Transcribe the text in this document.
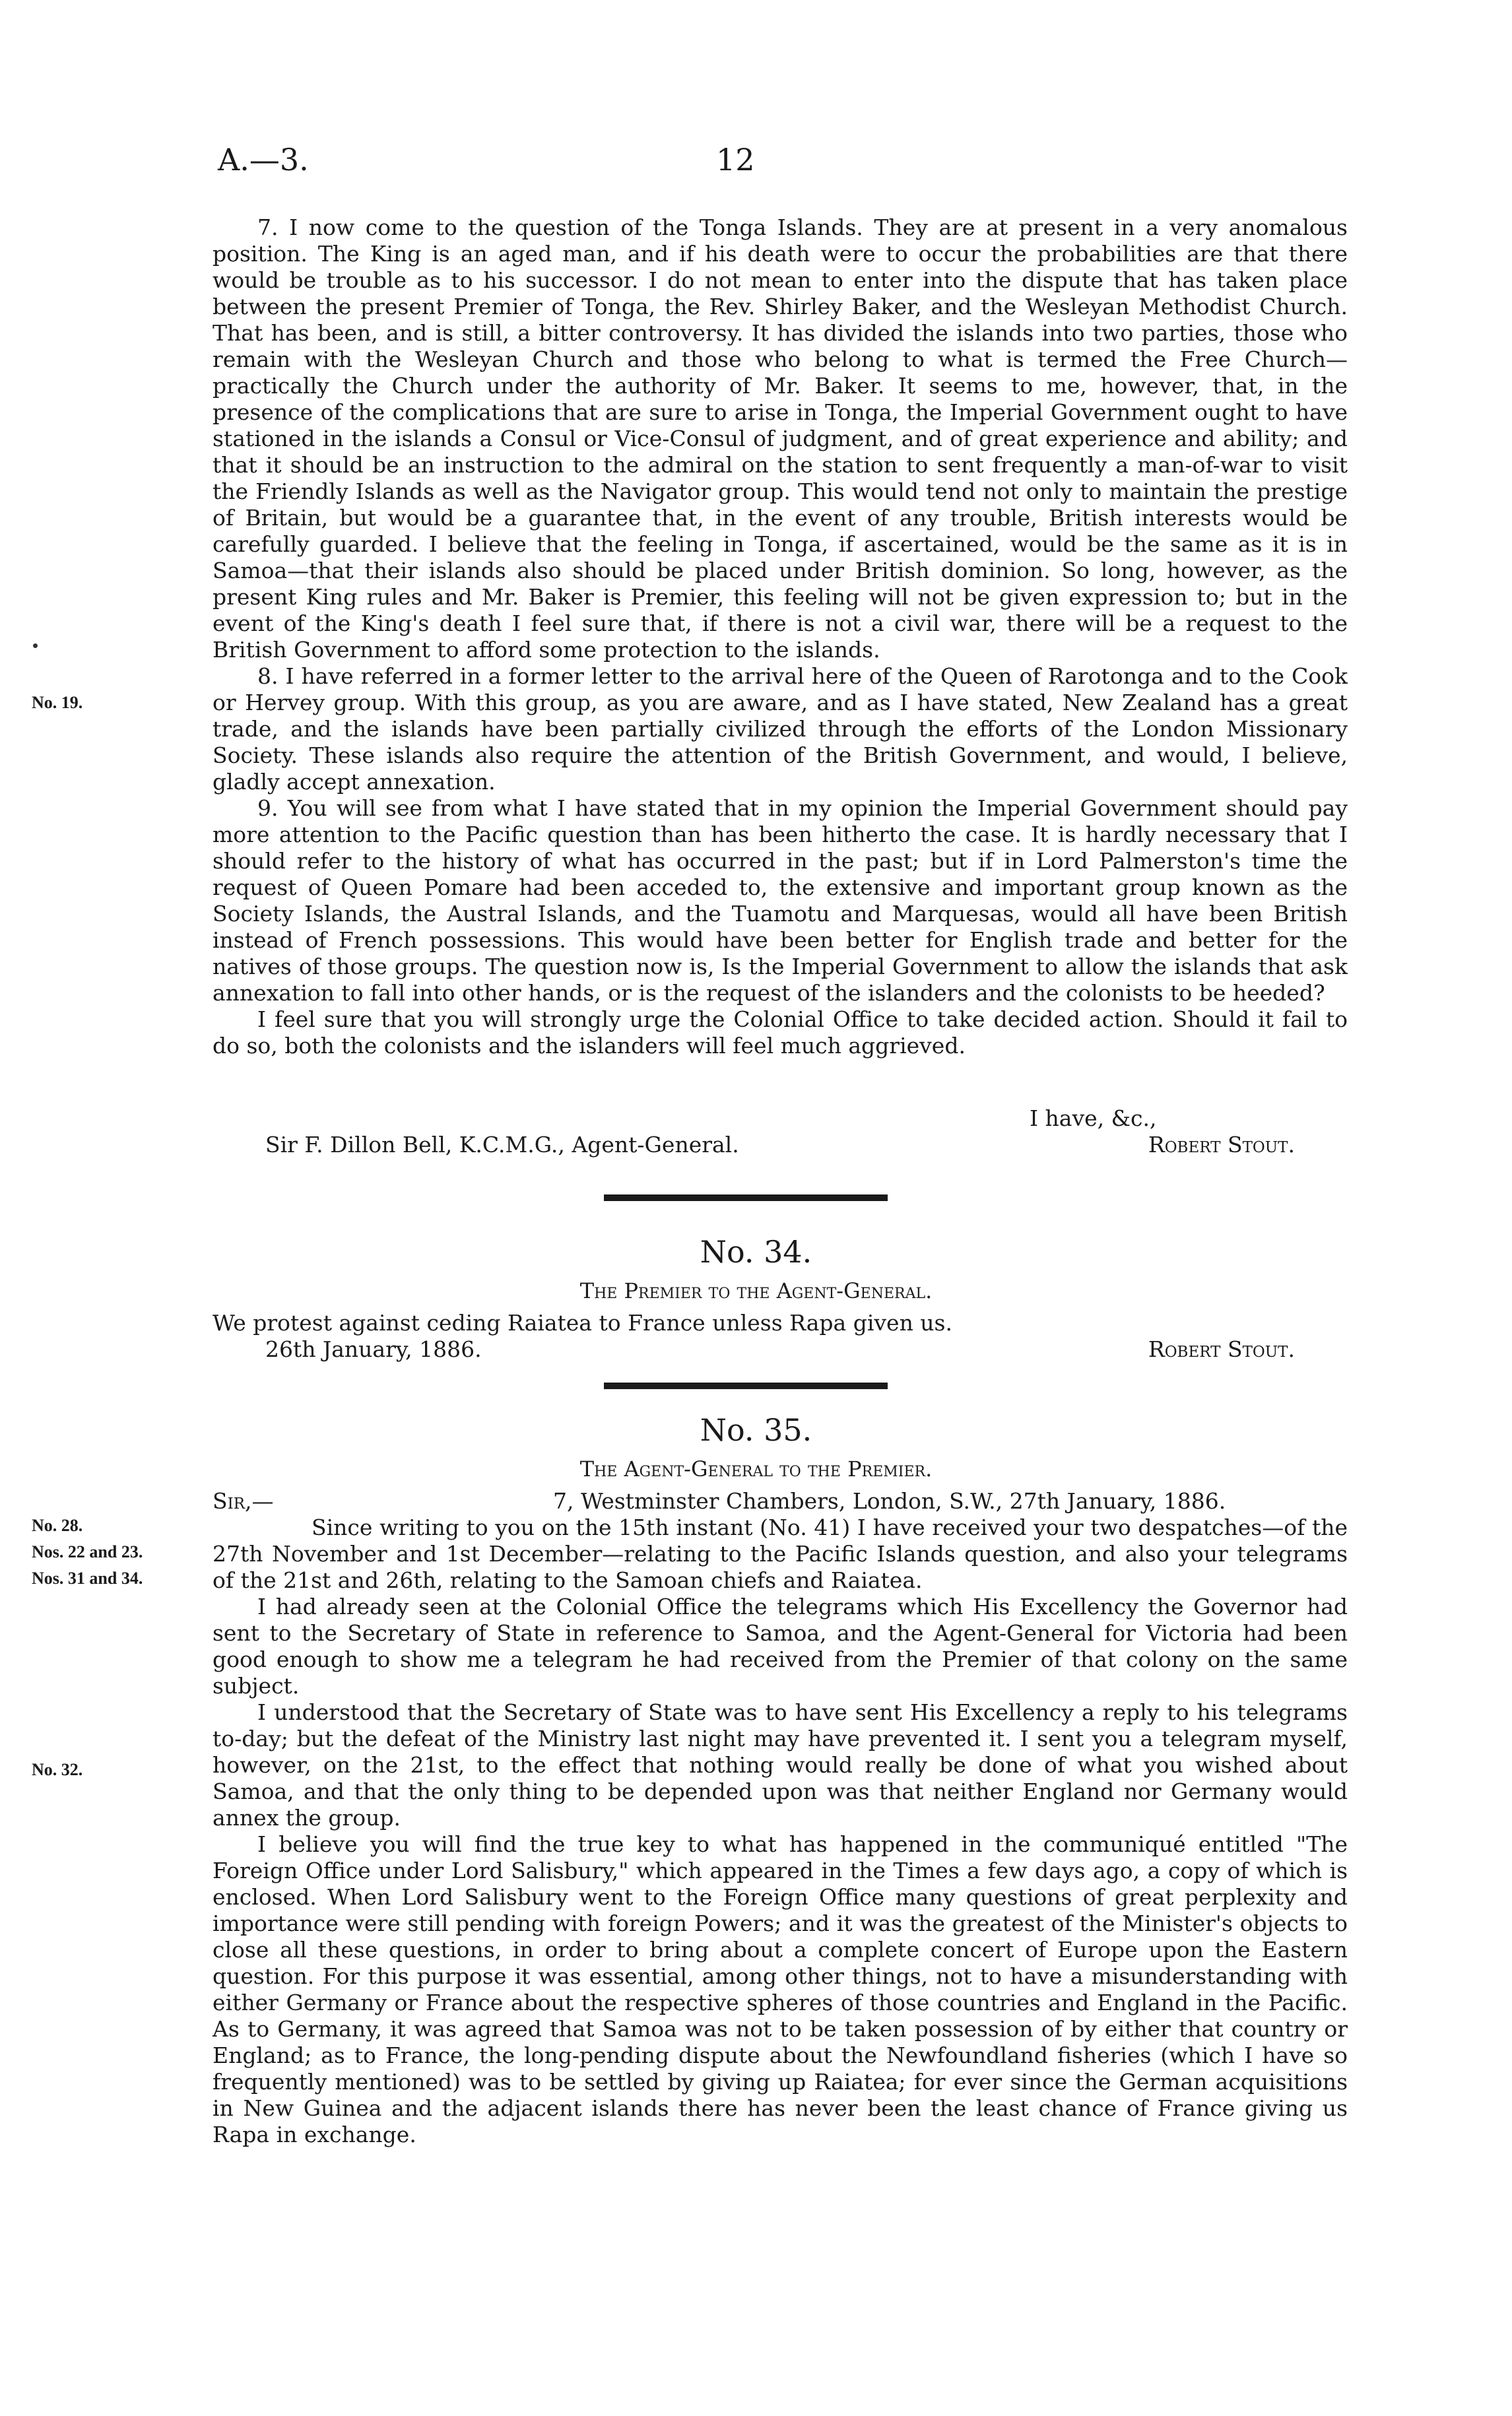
A.—3.	12

7. I now come to the question of the Tonga Islands. They are at present in a very anomalous position. The King is an aged man, and if his death were to occur the probabilities are that there would be trouble as to his successor. I do not mean to enter into the dispute that has taken place between the present Premier of Tonga, the Rev. Shirley Baker, and the Wesleyan Methodist Church. That has been, and is still, a bitter controversy. It has divided the islands into two parties, those who remain with the Wesleyan Church and those who belong to what is termed the Free Church—practically the Church under the authority of Mr. Baker. It seems to me, however, that, in the presence of the complications that are sure to arise in Tonga, the Imperial Government ought to have stationed in the islands a Consul or Vice-Consul of judgment, and of great experience and ability; and that it should be an instruction to the admiral on the station to sent frequently a man-of-war to visit the Friendly Islands as well as the Navigator group. This would tend not only to maintain the prestige of Britain, but would be a guarantee that, in the event of any trouble, British interests would be carefully guarded. I believe that the feeling in Tonga, if ascertained, would be the same as it is in Samoa—that their islands also should be placed under British dominion. So long, however, as the present King rules and Mr. Baker is Premier, this feeling will not be given expression to; but in the event of the King's death I feel sure that, if there is not a civil war, there will be a request to the British Government to afford some protection to the islands.

8. I have referred in a former letter to the arrival here of the Queen of Rarotonga and to the Cook or Hervey group. With this group, as you are aware, and as I have stated, New Zealand has a great trade, and the islands have been partially civilized through the efforts of the London Missionary Society. These islands also require the attention of the British Government, and would, I believe, gladly accept annexation.

9. You will see from what I have stated that in my opinion the Imperial Government should pay more attention to the Pacific question than has been hitherto the case. It is hardly necessary that I should refer to the history of what has occurred in the past; but if in Lord Palmerston's time the request of Queen Pomare had been acceded to, the extensive and important group known as the Society Islands, the Austral Islands, and the Tuamotu and Marquesas, would all have been British instead of French possessions. This would have been better for English trade and better for the natives of those groups. The question now is, Is the Imperial Government to allow the islands that ask annexation to fall into other hands, or is the request of the islanders and the colonists to be heeded?

I feel sure that you will strongly urge the Colonial Office to take decided action. Should it fail to do so, both the colonists and the islanders will feel much aggrieved.

No. 19.
I have, &c.,
Sir F. Dillon Bell, K.C.M.G., Agent-General.	Robert Stout.
No. 34.
The Premier to the Agent-General.
We protest against ceding Raiatea to France unless Rapa given us.
26th January, 1886.	Robert Stout.
No. 35.
The Agent-General to the Premier.
Sir,—	7, Westminster Chambers, London, S.W., 27th January, 1886.
No. 28.
Nos. 22 and 23.
Nos. 31 and 34.
No. 32.

Since writing to you on the 15th instant (No. 41) I have received your two despatches—of the 27th November and 1st December—relating to the Pacific Islands question, and also your telegrams of the 21st and 26th, relating to the Samoan chiefs and Raiatea.

I had already seen at the Colonial Office the telegrams which His Excellency the Governor had sent to the Secretary of State in reference to Samoa, and the Agent-General for Victoria had been good enough to show me a telegram he had received from the Premier of that colony on the same subject.

I understood that the Secretary of State was to have sent His Excellency a reply to his telegrams to-day; but the defeat of the Ministry last night may have prevented it. I sent you a telegram myself, however, on the 21st, to the effect that nothing would really be done of what you wished about Samoa, and that the only thing to be depended upon was that neither England nor Germany would annex the group.

I believe you will find the true key to what has happened in the communiqué entitled "The Foreign Office under Lord Salisbury," which appeared in the Times a few days ago, a copy of which is enclosed. When Lord Salisbury went to the Foreign Office many questions of great perplexity and importance were still pending with foreign Powers; and it was the greatest of the Minister's objects to close all these questions, in order to bring about a complete concert of Europe upon the Eastern question. For this purpose it was essential, among other things, not to have a misunderstanding with either Germany or France about the respective spheres of those countries and England in the Pacific. As to Germany, it was agreed that Samoa was not to be taken possession of by either that country or England; as to France, the long-pending dispute about the Newfoundland fisheries (which I have so frequently mentioned) was to be settled by giving up Raiatea; for ever since the German acquisitions in New Guinea and the adjacent islands there has never been the least chance of France giving us Rapa in exchange.
